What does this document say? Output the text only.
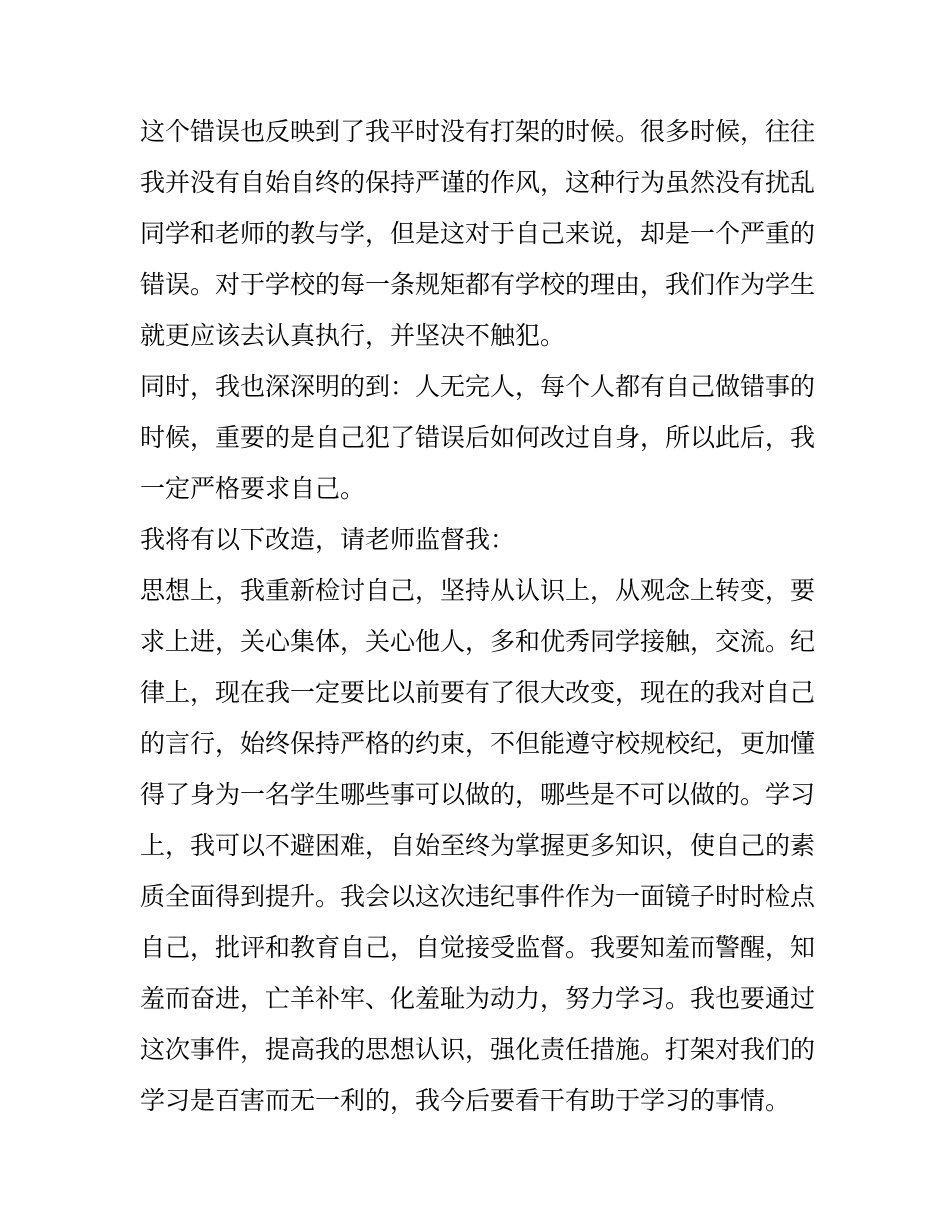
这个错误也反映到了我平时没有打架的时候。很多时候，往往
我并没有自始自终的保持严谨的作风，这种行为虽然没有扰乱
同学和老师的教与学，但是这对于自己来说，却是一个严重的
错误。对于学校的每一条规矩都有学校的理由，我们作为学生
就更应该去认真执行，并坚决不触犯。
同时，我也深深明的到：人无完人，每个人都有自己做错事的
时候，重要的是自己犯了错误后如何改过自身，所以此后，我
一定严格要求自己。
我将有以下改造，请老师监督我：
思想上，我重新检讨自己，坚持从认识上，从观念上转变，要
求上进，关心集体，关心他人，多和优秀同学接触，交流。纪
律上，现在我一定要比以前要有了很大改变，现在的我对自己
的言行，始终保持严格的约束，不但能遵守校规校纪，更加懂
得了身为一名学生哪些事可以做的，哪些是不可以做的。学习
上，我可以不避困难，自始至终为掌握更多知识，使自己的素
质全面得到提升。我会以这次违纪事件作为一面镜子时时检点
自己，批评和教育自己，自觉接受监督。我要知羞而警醒，知
羞而奋进，亡羊补牢、化羞耻为动力，努力学习。我也要通过
这次事件，提高我的思想认识，强化责任措施。打架对我们的
学习是百害而无一利的，我今后要看干有助于学习的事情。
